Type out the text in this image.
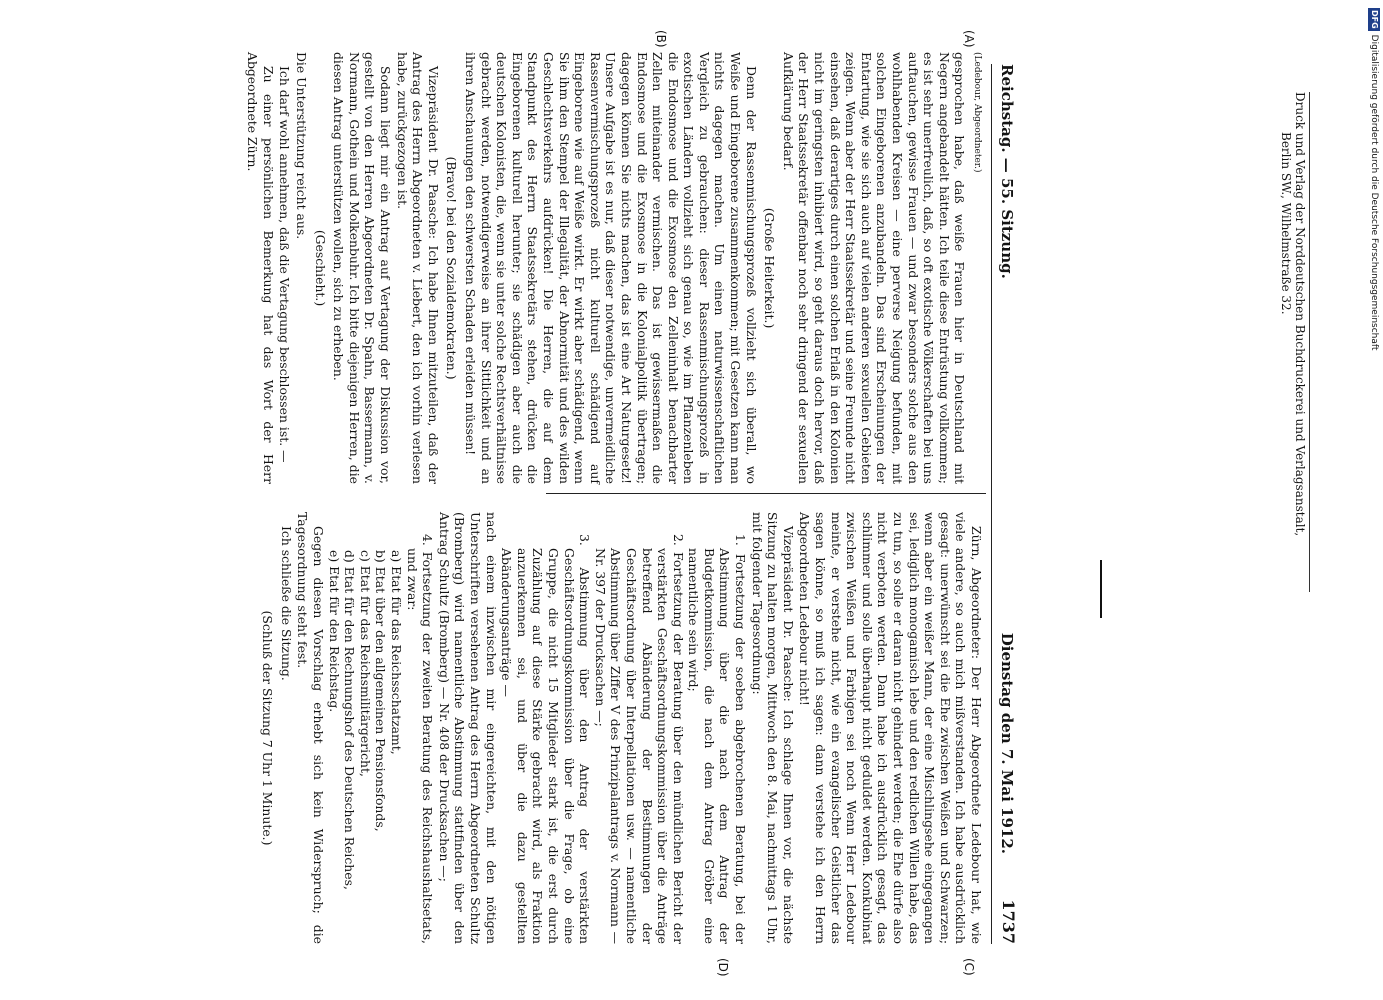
Reichstag. — 55. Sitzung.
Dienstag den 7. Mai 1912.
1737
(A)
(B)
(C)
(D)

(Ledebour, Abgeordneter.)

gesprochen habe, daß weiße Frauen hier in Deutschland mit Negern angebandelt hätten. Ich teile diese Entrüstung vollkommen; es ist sehr unerfreulich, daß, so oft exotische Völkerschaften bei uns auftauchen, gewisse Frauen — und zwar besonders solche aus den wohlhabenden Kreisen — eine perverse Neigung befunden, mit solchen Eingeborenen anzubandeln. Das sind Erscheinungen der Entartung, wie sie sich auch auf vielen anderen sexuellen Gebieten zeigen. Wenn aber der Herr Staatssekretär und seine Freunde nicht einsehen, daß derartiges durch einen solchen Erlaß in den Kolonien nicht im geringsten inhibiert wird, so geht daraus doch hervor, daß der Herr Staatssekretär offenbar noch sehr dringend der sexuellen Aufklärung bedarf.

(Große Heiterkeit.)

Denn der Rassenmischungsprozeß vollzieht sich überall, wo Weiße und Eingeborene zusammenkommen; mit Gesetzen kann man nichts dagegen machen. Um einen naturwissenschaftlichen Vergleich zu gebrauchen: dieser Rassenmischungsprozeß in exotischen Ländern vollzieht sich genau so, wie im Pflanzenleben die Endosmose und die Exosmose den Zelleninhalt benachbarter Zellen miteinander vermischen. Das ist gewissermaßen die Endosmose und die Exosmose in die Kolonialpolitik übertragen; dagegen können Sie nichts machen, das ist eine Art Naturgesetz! Unsere Aufgabe ist es nur, daß dieser notwendige, unvermeidliche Rassenvermischungsprozeß nicht kulturell schädigend auf Eingeborene wie auf Weiße wirkt. Er wirkt aber schädigend, wenn Sie ihm den Stempel der Illegalität, der Abnormität und des wilden Geschlechtsverkehrs aufdrücken! Die Herren, die auf dem Standpunkt des Herrn Staatssekretärs stehen, drücken die Eingeborenen kulturell herunter; sie schädigen aber auch die deutschen Kolonisten, die, wenn sie unter solche Rechtsverhältnisse gebracht werden, notwendigerweise an ihrer Sittlichkeit und an ihren Anschauungen den schwersten Schaden erleiden müssen!

(Bravo! bei den Sozialdemokraten.)

Vizepräsident Dr. Paasche: Ich habe Ihnen mitzuteilen, daß der Antrag des Herrn Abgeordneten v. Liebert, den ich vorhin verlesen habe, zurückgezogen ist.

Sodann liegt mir ein Antrag auf Vertagung der Diskussion vor, gestellt von den Herren Abgeordneten Dr. Spahn, Bassermann, v. Normann, Gothein und Molkenbuhr. Ich bitte diejenigen Herren, die diesen Antrag unterstützen wollen, sich zu erheben.

(Geschieht.)

Die Unterstützung reicht aus.

Ich darf wohl annehmen, daß die Vertagung beschlossen ist. —

Zu einer persönlichen Bemerkung hat das Wort der Herr Abgeordnete Zürn.

Zürn, Abgeordneter: Der Herr Abgeordnete Ledebour hat, wie viele andere, so auch mich mißverstanden. Ich habe ausdrücklich gesagt: unerwünscht sei die Ehe zwischen Weißen und Schwarzen; wenn aber ein weißer Mann, der eine Mischlingsehe eingegangen sei, lediglich monogamisch lebe und den redlichen Willen habe, das zu tun, so solle er daran nicht gehindert werden; die Ehe dürfe also nicht verboten werden. Dann habe ich ausdrücklich gesagt, das schlimmer und solle überhaupt nicht geduldet werden. Konkubinat zwischen Weißen und Farbigen sei noch Wenn Herr Ledebour meinte, er verstehe nicht, wie ein evangelischer Geistlicher das sagen könne, so muß ich sagen: dann verstehe ich den Herrn Abgeordneten Ledebour nicht!

Vizepräsident Dr. Paasche: Ich schlage Ihnen vor, die nächste Sitzung zu halten morgen, Mittwoch den 8. Mai, nachmittags 1 Uhr, mit folgender Tagesordnung:

1. Fortsetzung der soeben abgebrochenen Beratung, bei der Abstimmung über die nach dem Antrag der Budgetkommission, die nach dem Antrag Gröber eine namentliche sein wird;
2. Fortsetzung der Beratung über den mündlichen Bericht der verstärkten Geschäftsordnungskommission über die Anträge betreffend Abänderung der Bestimmungen der Geschäftsordnung über Interpellationen usw. — namentliche Abstimmung über Ziffer V des Prinzipalantrags v. Normann — Nr. 397 der Drucksachen —;
3. Abstimmung über den Antrag der verstärkten Geschäftsordnungskommission über die Frage, ob eine Gruppe, die nicht 15 Mitglieder stark ist, die erst durch Zuzählung auf diese Stärke gebracht wird, als Fraktion anzuerkennen sei, und über die dazu gestellten Abänderungsanträge —

nach einem inzwischen mir eingereichten, mit den nötigen Unterschriften versehenen Antrag des Herrn Abgeordneten Schultz (Bromberg) wird namentliche Abstimmung stattfinden über den Antrag Schultz (Bromberg) — Nr. 408 der Drucksachen —;

4. Fortsetzung der zweiten Beratung des Reichshaushaltsetats, und zwar:
a) Etat für das Reichsschatzamt,
b) Etat über den allgemeinen Pensionsfonds,
c) Etat für das Reichsmilitärgericht,
d) Etat für den Rechnungshof des Deutschen Reiches,
e) Etat für den Reichstag.

Gegen diesen Vorschlag erhebt sich kein Widerspruch; die Tagesordnung steht fest.

Ich schließe die Sitzung.

(Schluß der Sitzung 7 Uhr 1 Minute.)

Druck und Verlag der Norddeutschen Buchdruckerei und Verlagsanstalt,
Berlin SW., Wilhelmstraße 32.
DFGDigitalisierung gefördert durch die Deutsche Forschungsgemeinschaft
